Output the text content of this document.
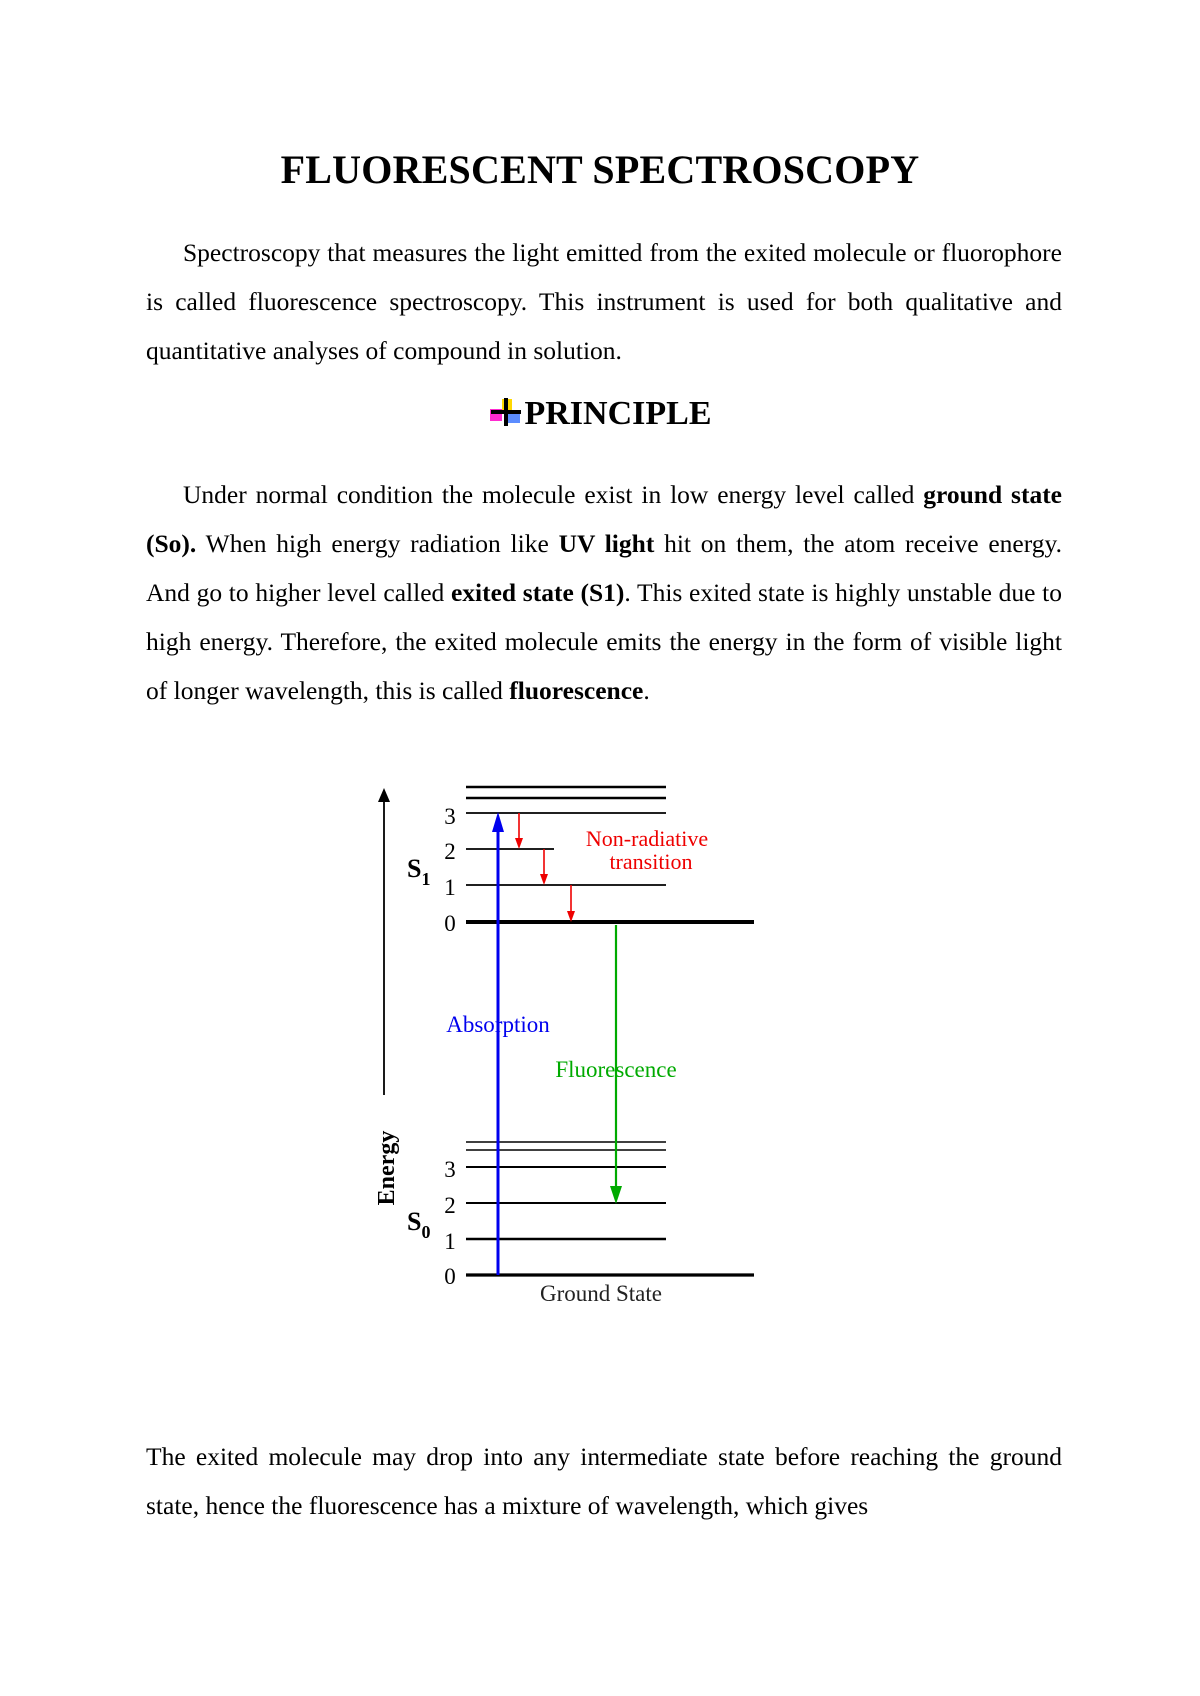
FLUORESCENT SPECTROSCOPY
Spectroscopy that measures the light emitted from the exited molecule or fluorophore is called fluorescence spectroscopy. This instrument is used for both qualitative and quantitative analyses of compound in solution.
PRINCIPLE
Under normal condition the molecule exist in low energy level called ground state (So). When high energy radiation like UV light hit on them, the atom receive energy. And go to higher level called exited state (S1). This exited state is highly unstable due to high energy. Therefore, the exited molecule emits the energy in the form of visible light of longer wavelength, this is called fluorescence.
Energy
3
2
1
0
3
2
1
0
$S_1$
$S_0$
Absorption
Non-radiative
transition
Fluorescence
Ground State
The exited molecule may drop into any intermediate state before reaching the ground state, hence the fluorescence has a mixture of wavelength, which gives
